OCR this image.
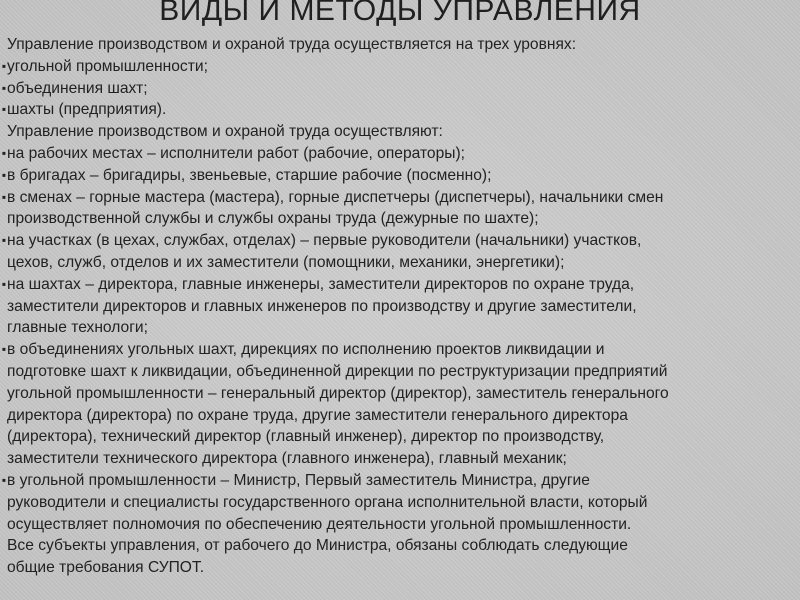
ВИДЫ И МЕТОДЫ УПРАВЛЕНИЯ
Управление производством и охраной труда осуществляется на трех уровнях:
▪ угольной промышленности;
▪ объединения шахт;
▪ шахты (предприятия).
Управление производством и охраной труда осуществляют:
▪ на рабочих местах – исполнители работ (рабочие, операторы);
▪ в бригадах – бригадиры, звеньевые, старшие рабочие (посменно);
▪ в сменах – горные мастера (мастера), горные диспетчеры (диспетчеры), начальники смен
производственной службы и службы охраны труда (дежурные по шахте);
▪ на участках (в цехах, службах, отделах) – первые руководители (начальники) участков,
цехов, служб, отделов и их заместители (помощники, механики, энергетики);
▪ на шахтах – директора, главные инженеры, заместители директоров по охране труда,
заместители директоров и главных инженеров по производству и другие заместители,
главные технологи;
▪ в объединениях угольных шахт, дирекциях по исполнению проектов ликвидации и
подготовке шахт к ликвидации, объединенной дирекции по реструктуризации предприятий
угольной промышленности – генеральный директор (директор), заместитель генерального
директора (директора) по охране труда, другие заместители генерального директора
(директора), технический директор (главный инженер), директор по производству,
заместители технического директора (главного инженера), главный механик;
▪ в угольной промышленности – Министр, Первый заместитель Министра, другие
руководители и специалисты государственного органа исполнительной власти, который
осуществляет полномочия по обеспечению деятельности угольной промышленности.
Все субъекты управления, от рабочего до Министра, обязаны соблюдать следующие
общие требования СУПОТ.
